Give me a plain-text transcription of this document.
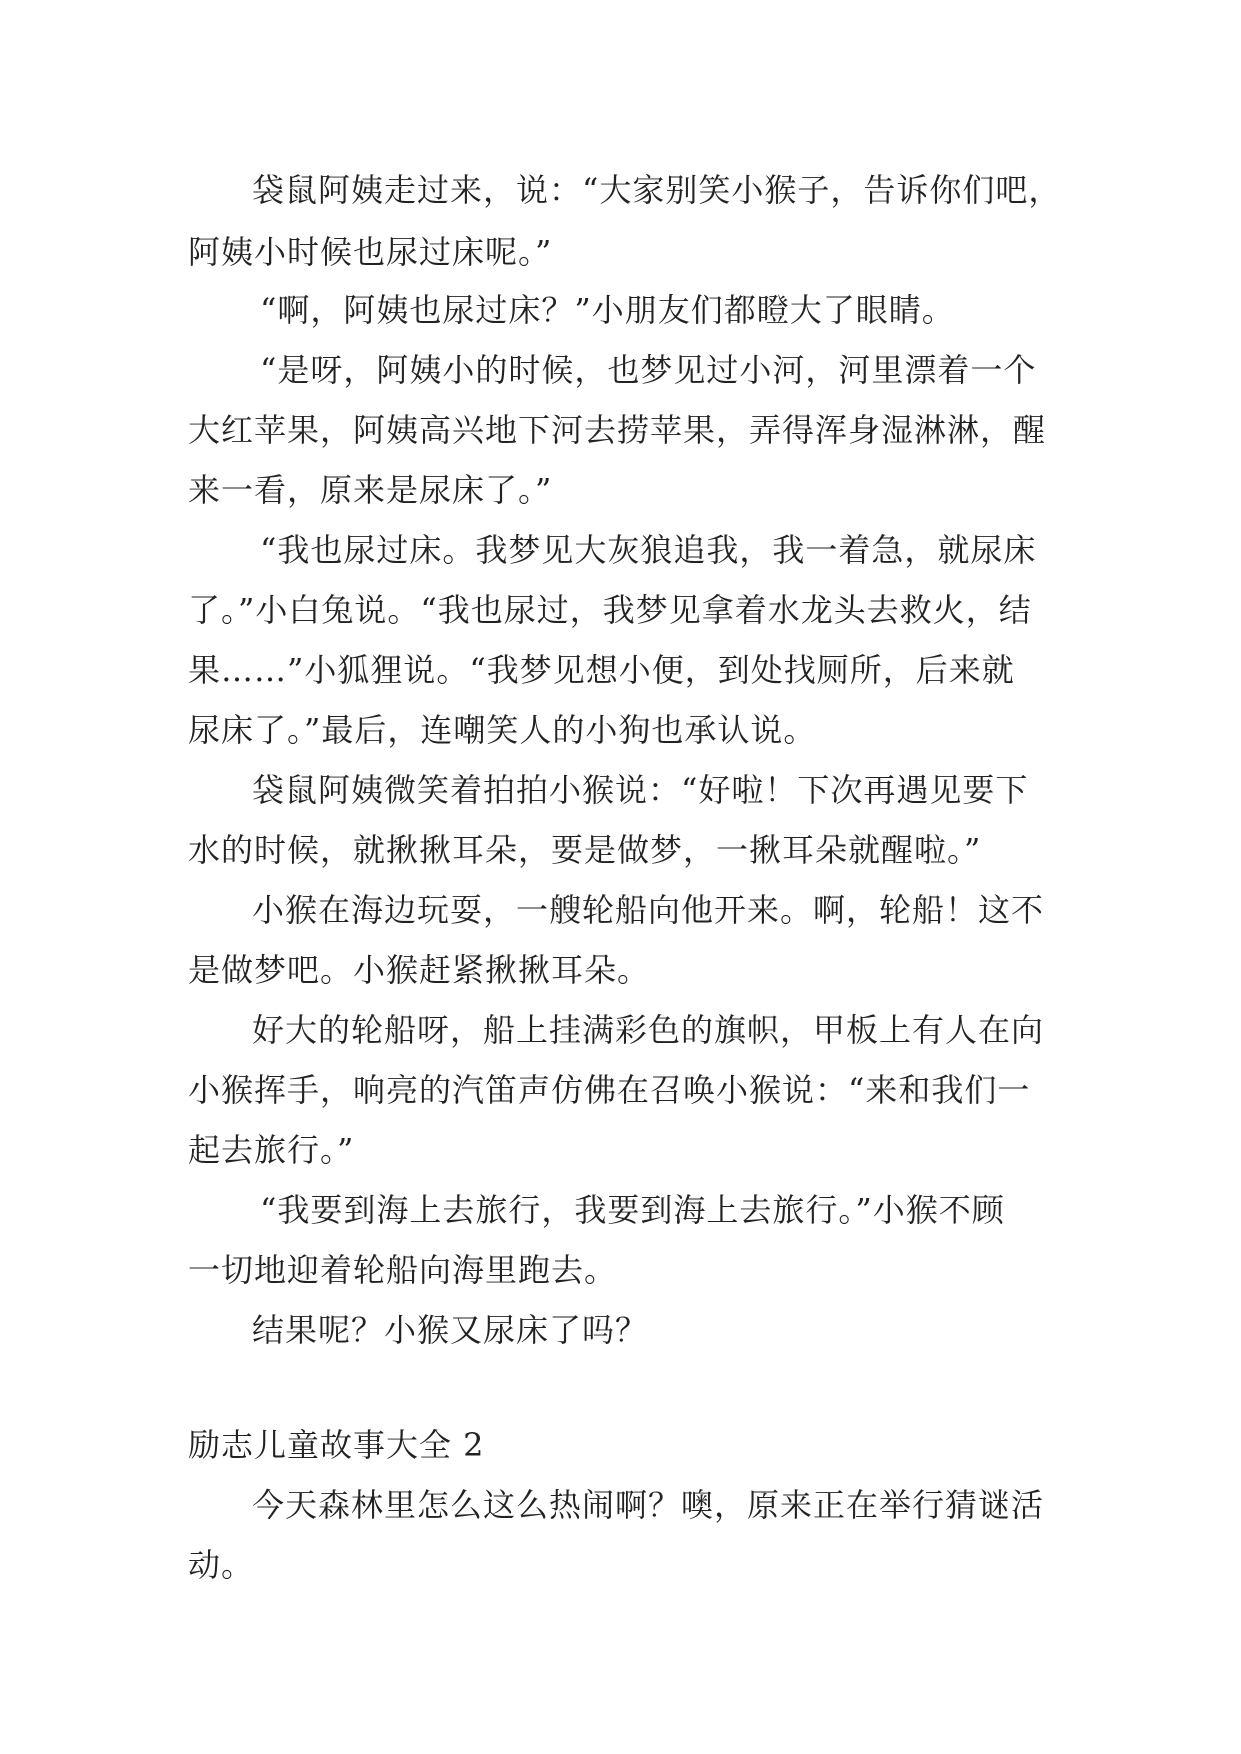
袋鼠阿姨走过来，说：“大家别笑小猴子，告诉你们吧，
阿姨小时候也尿过床呢。”
“啊，阿姨也尿过床？”小朋友们都瞪大了眼睛。
“是呀，阿姨小的时候，也梦见过小河，河里漂着一个
大红苹果，阿姨高兴地下河去捞苹果，弄得浑身湿淋淋，醒
来一看，原来是尿床了。”
“我也尿过床。我梦见大灰狼追我，我一着急，就尿床
了。”小白兔说。“我也尿过，我梦见拿着水龙头去救火，结
果……”小狐狸说。“我梦见想小便，到处找厕所，后来就
尿床了。”最后，连嘲笑人的小狗也承认说。
袋鼠阿姨微笑着拍拍小猴说：“好啦！下次再遇见要下
水的时候，就揪揪耳朵，要是做梦，一揪耳朵就醒啦。”
小猴在海边玩耍，一艘轮船向他开来。啊，轮船！这不
是做梦吧。小猴赶紧揪揪耳朵。
好大的轮船呀，船上挂满彩色的旗帜，甲板上有人在向
小猴挥手，响亮的汽笛声仿佛在召唤小猴说：“来和我们一
起去旅行。”
“我要到海上去旅行，我要到海上去旅行。”小猴不顾
一切地迎着轮船向海里跑去。
结果呢？小猴又尿床了吗？
励志儿童故事大全 2
今天森林里怎么这么热闹啊？噢，原来正在举行猜谜活
动。
